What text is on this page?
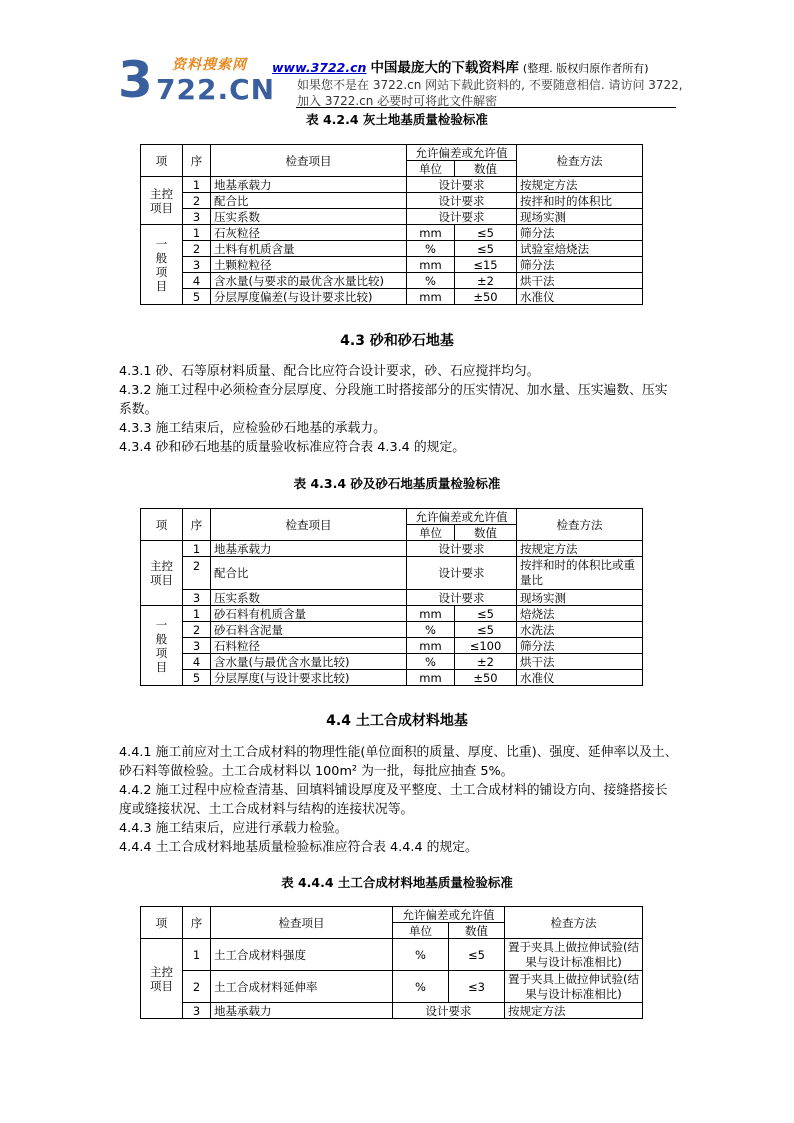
3 722.CN
资料搜索网 www.3722.cn 中国最庞大的下载资料库 (整理. 版权归原作者所有)
如果您不是在 3722.cn 网站下载此资料的, 不要随意相信. 请访问 3722,
加入 3722.cn 必要时可将此文件解密
表 4.2.4 灰土地基质量检验标准
项	序	检查项目	允许偏差或允许值		检查方法
			单位	数值	
主控项目	1	地基承载力	设计要求		按规定方法
	2	配合比	设计要求		按拌和时的体积比
	3	压实系数	设计要求		现场实测
一般项目	1	石灰粒径	mm	≤5	筛分法
	2	土料有机质含量	%	≤5	试验室焙烧法
	3	土颗粒粒径	mm	≤15	筛分法
	4	含水量(与要求的最优含水量比较)	%	±2	烘干法
	5	分层厚度偏差(与设计要求比较)	mm	±50	水准仪
4.3 砂和砂石地基
4.3.1 砂、石等原材料质量、配合比应符合设计要求，砂、石应搅拌均匀。
4.3.2 施工过程中必须检查分层厚度、分段施工时搭接部分的压实情况、加水量、压实遍数、压实系数。
4.3.3 施工结束后，应检验砂石地基的承载力。
4.3.4 砂和砂石地基的质量验收标准应符合表 4.3.4 的规定。
表 4.3.4 砂及砂石地基质量检验标准
项	序	检查项目	允许偏差或允许值		检查方法
			单位	数值	
主控项目	1	地基承载力	设计要求		按规定方法
	2	配合比	设计要求		按拌和时的体积比或重量比
	3	压实系数	设计要求		现场实测
一般项目	1	砂石料有机质含量	mm	≤5	焙烧法
	2	砂石料含泥量	%	≤5	水洗法
	3	石料粒径	mm	≤100	筛分法
	4	含水量(与最优含水量比较)	%	±2	烘干法
	5	分层厚度(与设计要求比较)	mm	±50	水准仪
4.4 土工合成材料地基
4.4.1 施工前应对土工合成材料的物理性能(单位面积的质量、厚度、比重)、强度、延伸率以及土、砂石料等做检验。土工合成材料以 100m² 为一批，每批应抽查 5%。
4.4.2 施工过程中应检查清基、回填料铺设厚度及平整度、土工合成材料的铺设方向、接缝搭接长度或缝接状况、土工合成材料与结构的连接状况等。
4.4.3 施工结束后，应进行承载力检验。
4.4.4 土工合成材料地基质量检验标准应符合表 4.4.4 的规定。
表 4.4.4 土工合成材料地基质量检验标准
项	序	检查项目	允许偏差或允许值		检查方法
			单位	数值	
主控项目	1	土工合成材料强度	%	≤5	置于夹具上做拉伸试验(结果与设计标准相比)
	2	土工合成材料延伸率	%	≤3	置于夹具上做拉伸试验(结果与设计标准相比)
	3	地基承载力	设计要求		按规定方法
